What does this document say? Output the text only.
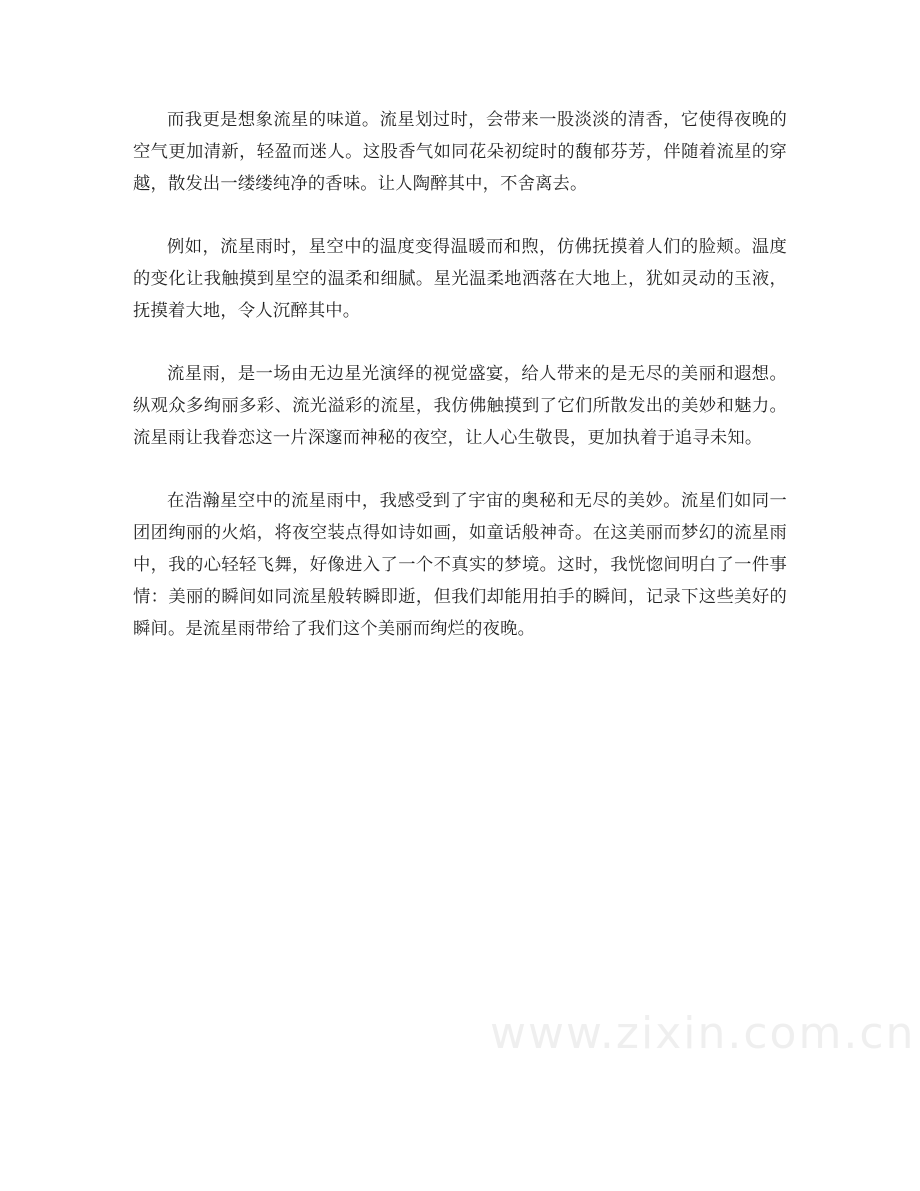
而我更是想象流星的味道。流星划过时，会带来一股淡淡的清香，它使得夜晚的空气更加清新，轻盈而迷人。这股香气如同花朵初绽时的馥郁芬芳，伴随着流星的穿越，散发出一缕缕纯净的香味。让人陶醉其中，不舍离去。

例如，流星雨时，星空中的温度变得温暖而和煦，仿佛抚摸着人们的脸颊。温度的变化让我触摸到星空的温柔和细腻。星光温柔地洒落在大地上，犹如灵动的玉液，抚摸着大地，令人沉醉其中。

流星雨，是一场由无边星光演绎的视觉盛宴，给人带来的是无尽的美丽和遐想。纵观众多绚丽多彩、流光溢彩的流星，我仿佛触摸到了它们所散发出的美妙和魅力。流星雨让我眷恋这一片深邃而神秘的夜空，让人心生敬畏，更加执着于追寻未知。

在浩瀚星空中的流星雨中，我感受到了宇宙的奥秘和无尽的美妙。流星们如同一团团绚丽的火焰，将夜空装点得如诗如画，如童话般神奇。在这美丽而梦幻的流星雨中，我的心轻轻飞舞，好像进入了一个不真实的梦境。这时，我恍惚间明白了一件事情：美丽的瞬间如同流星般转瞬即逝，但我们却能用拍手的瞬间，记录下这些美好的瞬间。是流星雨带给了我们这个美丽而绚烂的夜晚。

www.zixin.com.cn
